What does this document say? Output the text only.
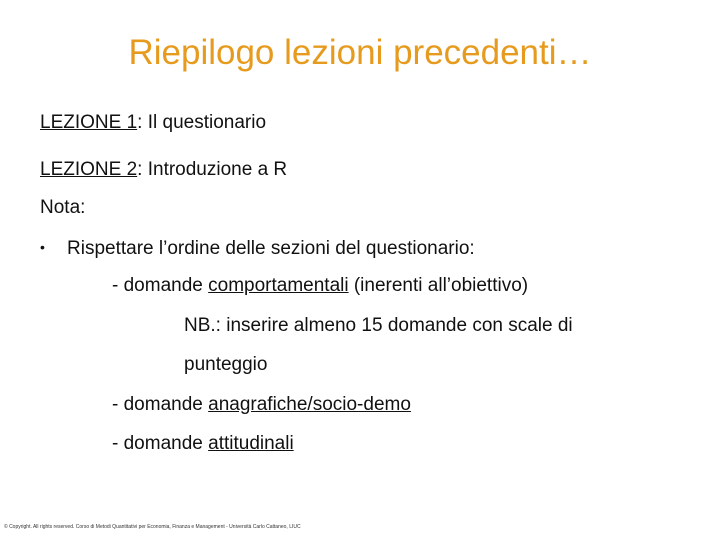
Riepilogo lezioni precedenti…
LEZIONE 1: Il questionario
LEZIONE 2: Introduzione a R
Nota:
• Rispettare l’ordine delle sezioni del questionario:
- domande comportamentali (inerenti all’obiettivo)
NB.: inserire almeno 15 domande con scale di
punteggio
- domande anagrafiche/socio-demo
- domande attitudinali
© Copyright. All rights reserved. Corso di Metodi Quantitativi per Economia, Finanza e Management - Università Carlo Cattaneo, LIUC
